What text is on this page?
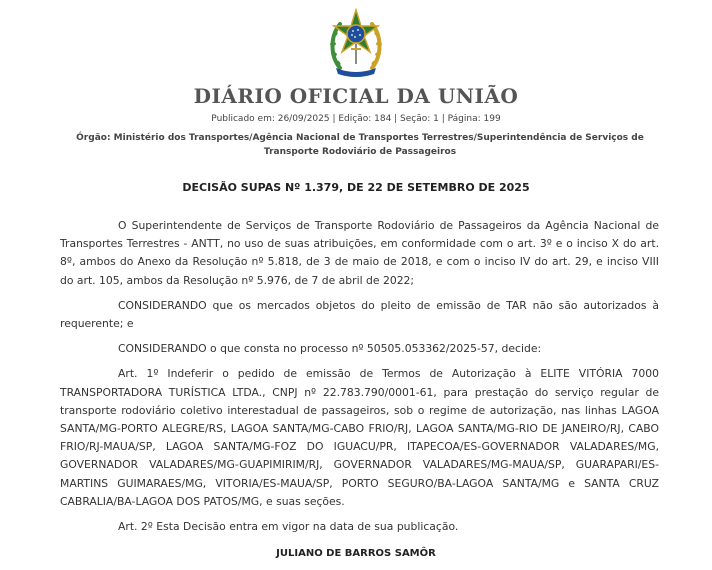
DIÁRIO OFICIAL DA UNIÃO
Publicado em: 26/09/2025 | Edição: 184 | Seção: 1 | Página: 199
Órgão: Ministério dos Transportes/Agência Nacional de Transportes Terrestres/Superintendência de Serviços de Transporte Rodoviário de Passageiros
DECISÃO SUPAS Nº 1.379, DE 22 DE SETEMBRO DE 2025

O Superintendente de Serviços de Transporte Rodoviário de Passageiros da Agência Nacional de Transportes Terrestres - ANTT, no uso de suas atribuições, em conformidade com o art. 3º e o inciso X do art. 8º, ambos do Anexo da Resolução nº 5.818, de 3 de maio de 2018, e com o inciso IV do art. 29, e inciso VIII do art. 105, ambos da Resolução nº 5.976, de 7 de abril de 2022;

CONSIDERANDO que os mercados objetos do pleito de emissão de TAR não são autorizados à requerente; e

CONSIDERANDO o que consta no processo nº 50505.053362/2025-57, decide:

Art. 1º Indeferir o pedido de emissão de Termos de Autorização à ELITE VITÓRIA 7000 TRANSPORTADORA TURÍSTICA LTDA., CNPJ nº 22.783.790/0001-61, para prestação do serviço regular de transporte rodoviário coletivo interestadual de passageiros, sob o regime de autorização, nas linhas LAGOA SANTA/MG-PORTO ALEGRE/RS, LAGOA SANTA/MG-CABO FRIO/RJ, LAGOA SANTA/MG-RIO DE JANEIRO/RJ, CABO FRIO/RJ-MAUA/SP, LAGOA SANTA/MG-FOZ DO IGUACU/PR, ITAPECOA/ES-GOVERNADOR VALADARES/MG, GOVERNADOR VALADARES/MG-GUAPIMIRIM/RJ, GOVERNADOR VALADARES/MG-MAUA/SP, GUARAPARI/ES-MARTINS GUIMARAES/MG, VITORIA/ES-MAUA/SP, PORTO SEGURO/BA-LAGOA SANTA/MG e SANTA CRUZ CABRALIA/BA-LAGOA DOS PATOS/MG, e suas seções.

Art. 2º Esta Decisão entra em vigor na data de sua publicação.

JULIANO DE BARROS SAMÔR
